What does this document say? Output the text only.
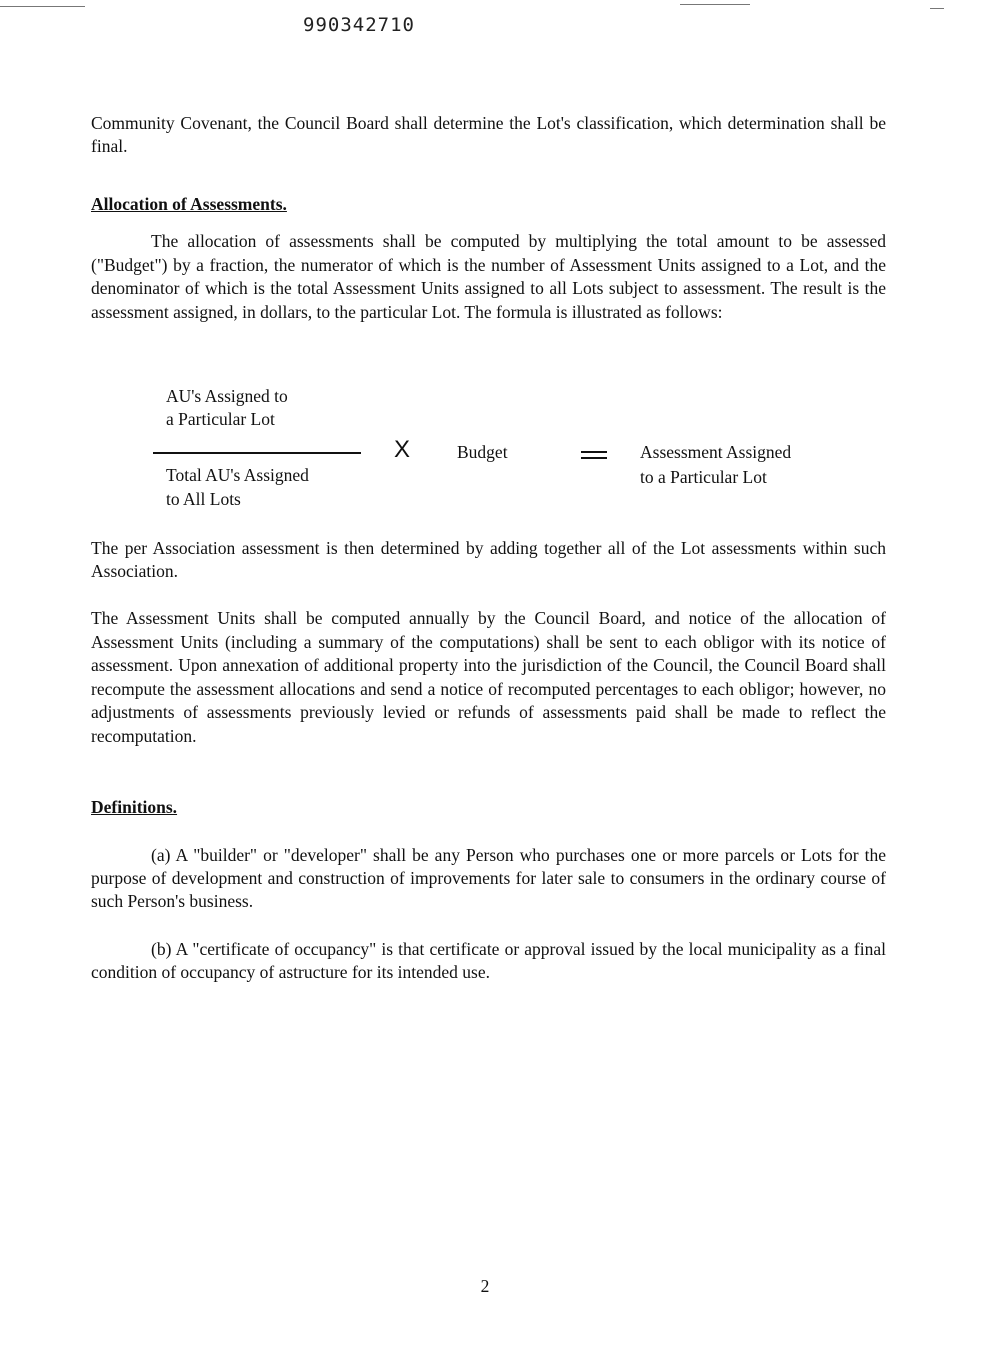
990342710

Community Covenant, the Council Board shall determine the Lot's classification, which determination shall be final.

Allocation of Assessments.

The allocation of assessments shall be computed by multiplying the total amount to be assessed ("Budget") by a fraction, the numerator of which is the number of Assessment Units assigned to a Lot, and the denominator of which is the total Assessment Units assigned to all Lots subject to assessment. The result is the assessment assigned, in dollars, to the particular Lot. The formula is illustrated as follows:

AU's Assigned to
a Particular Lot
Total AU's Assigned
to All Lots
X	Budget	Assessment Assigned
to a Particular Lot

The per Association assessment is then determined by adding together all of the Lot assessments within such Association.

The Assessment Units shall be computed annually by the Council Board, and notice of the allocation of Assessment Units (including a summary of the computations) shall be sent to each obligor with its notice of assessment. Upon annexation of additional property into the jurisdiction of the Council, the Council Board shall recompute the assessment allocations and send a notice of recomputed percentages to each obligor; however, no adjustments of assessments previously levied or refunds of assessments paid shall be made to reflect the recomputation.

Definitions.

(a) A "builder" or "developer" shall be any Person who purchases one or more parcels or Lots for the purpose of development and construction of improvements for later sale to consumers in the ordinary course of such Person's business.

(b) A "certificate of occupancy" is that certificate or approval issued by the local municipality as a final condition of occupancy of astructure for its intended use.

2
